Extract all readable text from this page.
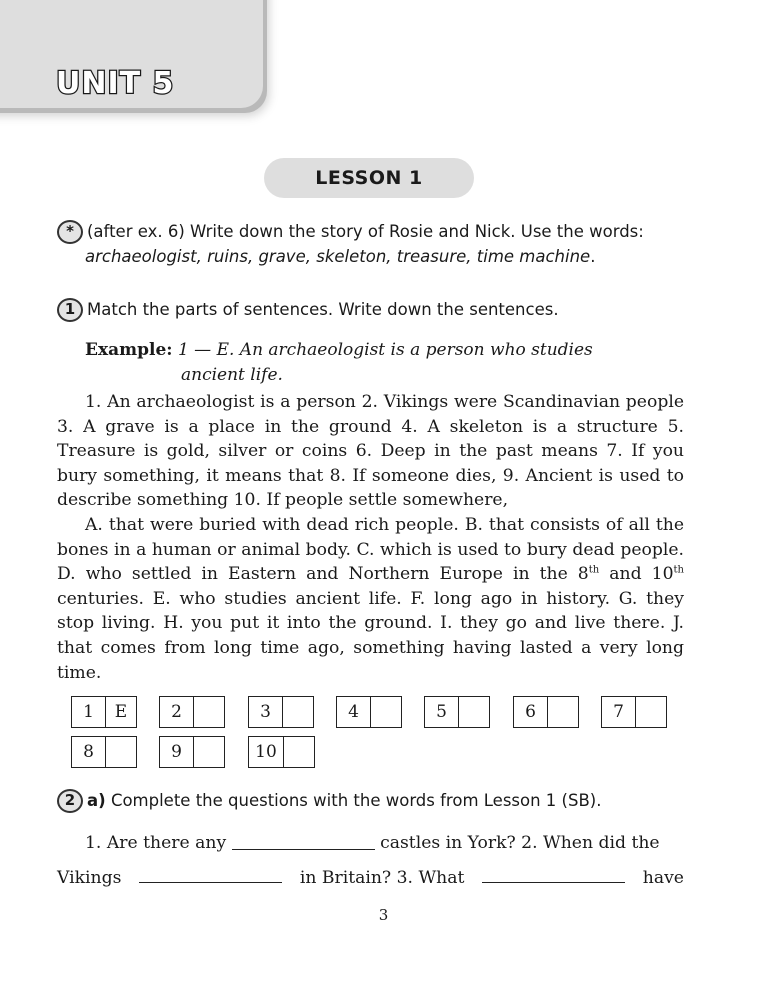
UNIT 5
LESSON 1
* (after ex. 6) Write down the story of Rosie and Nick. Use the words:
archaeologist, ruins, grave, skeleton, treasure, time machine.
1 Match the parts of sentences. Write down the sentences.
Example: 1 — E. An archaeologist is a person who studies
ancient life.

1. An archaeologist is a person 2. Vikings were Scandinavian people 3. A grave is a place in the ground 4. A skeleton is a structure 5. Treasure is gold, silver or coins 6. Deep in the past means 7. If you bury something, it means that 8. If someone dies, 9. Ancient is used to describe something 10. If people settle somewhere,

A. that were buried with dead rich people. B. that consists of all the bones in a human or animal body. C. which is used to bury dead people. D. who settled in Eastern and Northern Europe in the 8th and 10th centuries. E. who studies ancient life. F. long ago in history. G. they stop living. H. you put it into the ground. I. they go and live there. J. that comes from long time ago, something having lasted a very long time.

1	E	2	3	4	5	6	7
8	9	10
2 a) Complete the questions with the words from Lesson 1 (SB).
1. Are there any	castles in York? 2. When did the
Vikings	in Britain? 3. What	have
3
